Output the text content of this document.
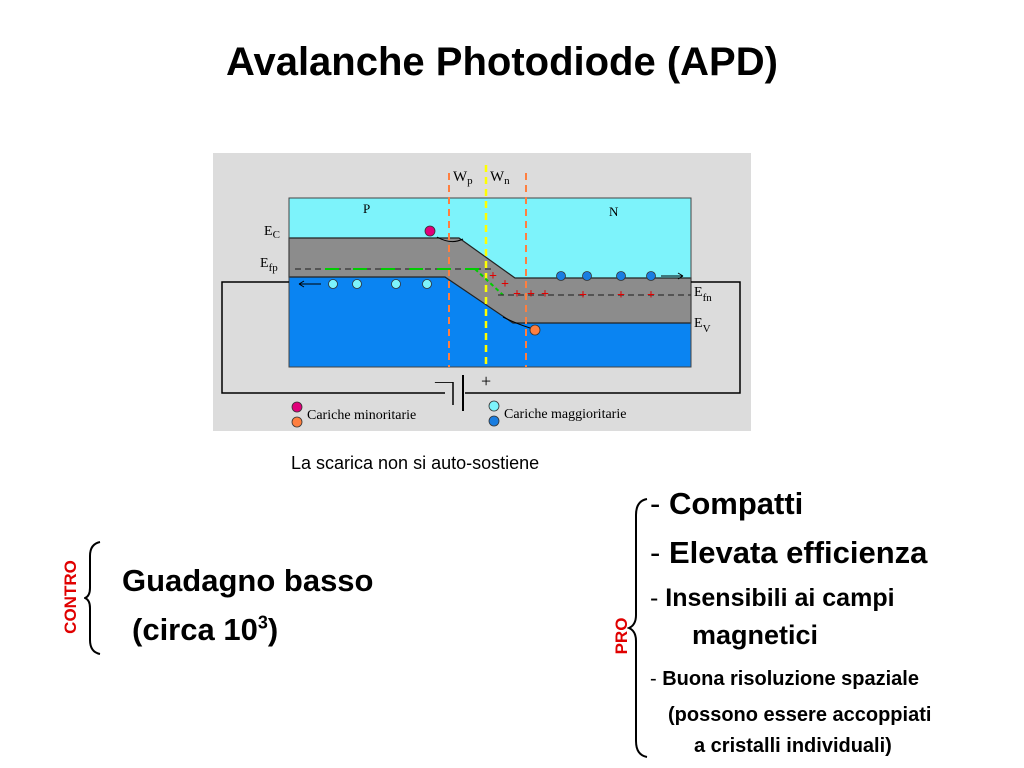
Avalanche Photodiode (APD)
— +
$W_p$ $W_n$
P	N
$E_C$
$E_{fp}$
$E_{fn}$
$E_V$
+
+
+ + + + + +
Cariche minoritarie	Cariche maggioritarie
La scarica non si auto-sostiene
CONTRO Guadagno basso
(circa $10^3$)	PRO
- Compatti
- Elevata efficienza
- Insensibili ai campi
magnetici
- Buona risoluzione spaziale
(possono essere accoppiati
a cristalli individuali)
